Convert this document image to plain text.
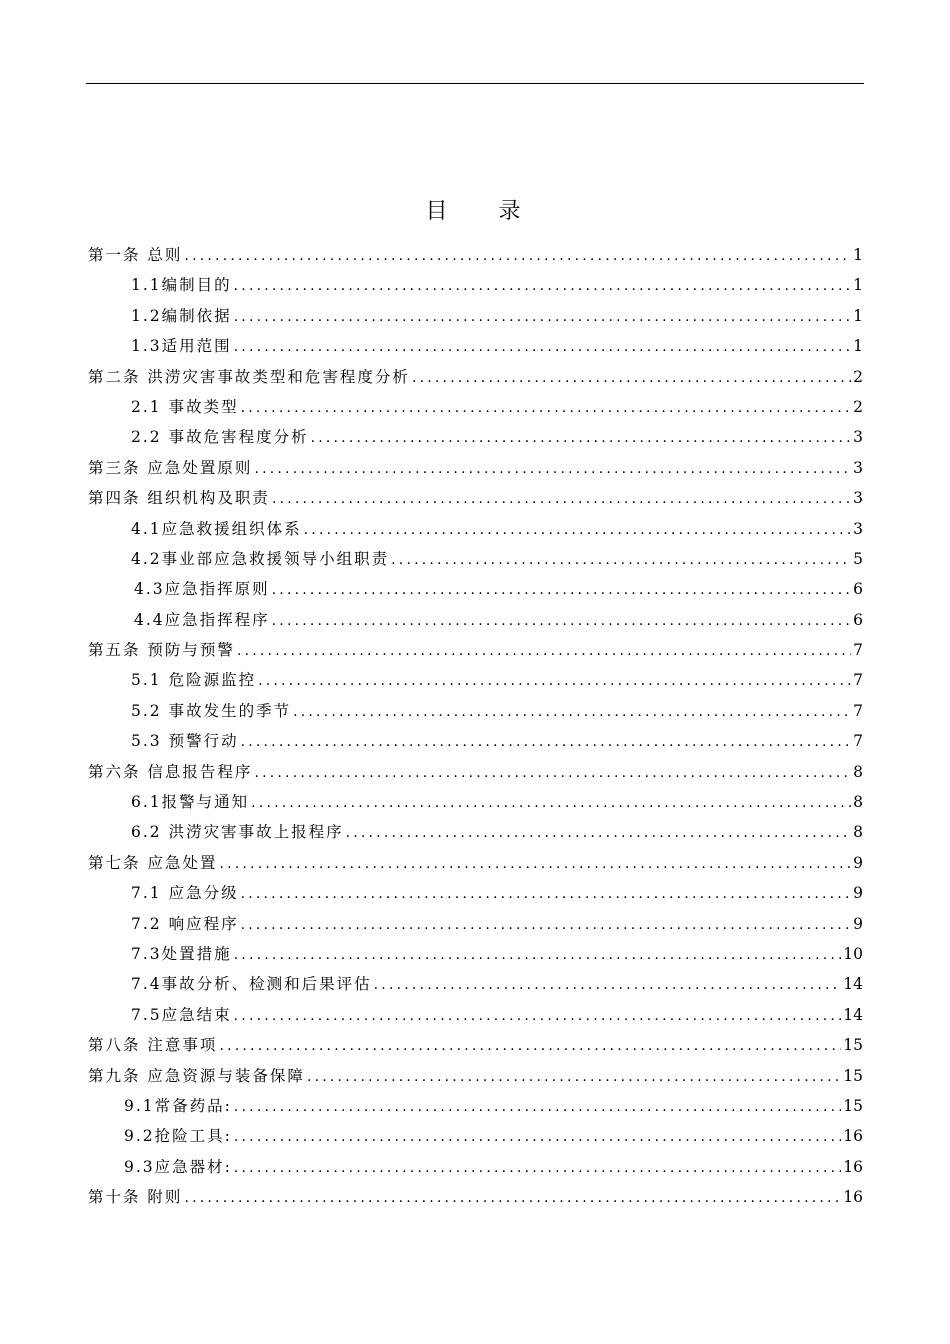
目 录
第一条 总则 .....	1
1.1编制目的 .....	1
1.2编制依据 .....	1
1.3适用范围 .....	1
第二条 洪涝灾害事故类型和危害程度分析 .....	2
2.1 事故类型 .....	2
2.2 事故危害程度分析 .....	3
第三条 应急处置原则 .....	3
第四条 组织机构及职责 .....	3
4.1应急救援组织体系 .....	3
4.2事业部应急救援领导小组职责 .....	5
4.3应急指挥原则 .....	6
4.4应急指挥程序 .....	6
第五条 预防与预警 .....	7
5.1 危险源监控 .....	7
5.2 事故发生的季节 .....	7
5.3 预警行动 .....	7
第六条 信息报告程序 .....	8
6.1报警与通知 .....	8
6.2 洪涝灾害事故上报程序 .....	8
第七条 应急处置 .....	9
7.1 应急分级 .....	9
7.2 响应程序 .....	9
7.3处置措施 .....	10
7.4事故分析、检测和后果评估 .....	14
7.5应急结束 .....	14
第八条 注意事项 .....	15
第九条 应急资源与装备保障 .....	15
9.1常备药品: .....	15
9.2抢险工具: .....	16
9.3应急器材: .....	16
第十条 附则 .....	16
